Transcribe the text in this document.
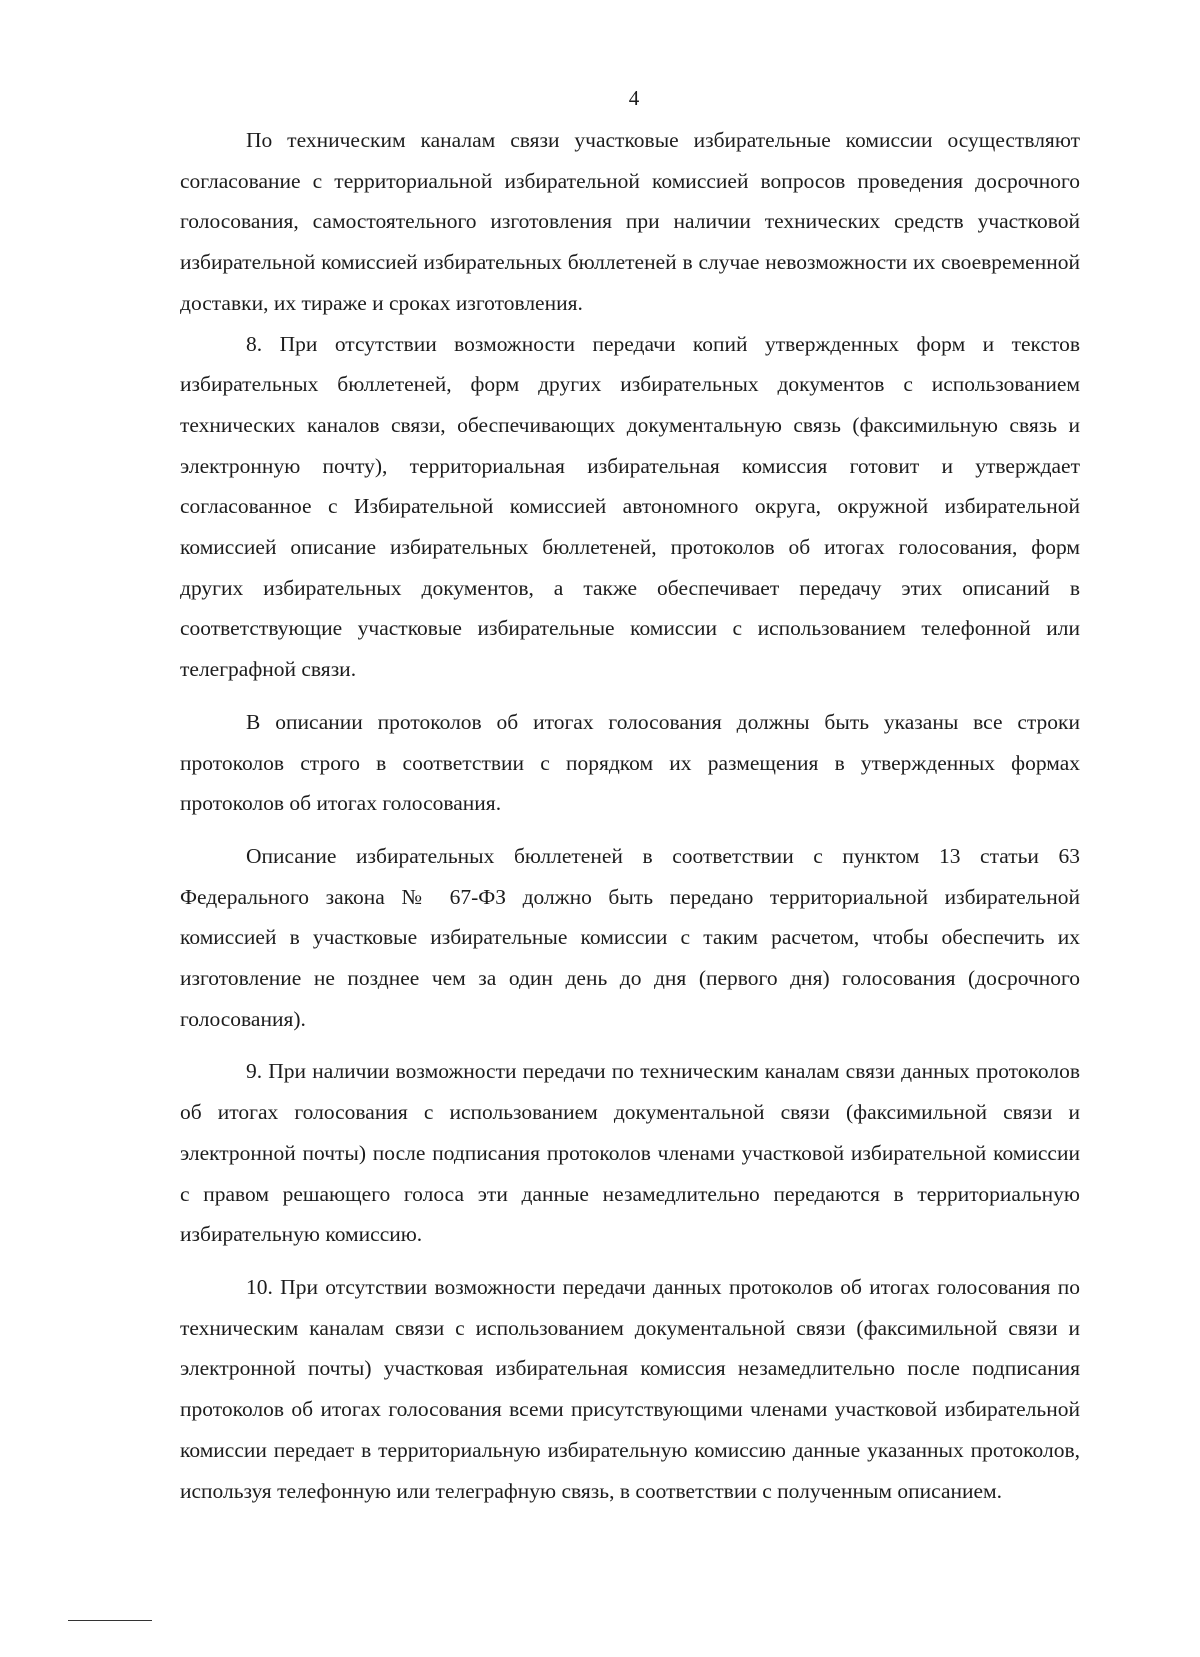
4

По техническим каналам связи участковые избирательные комиссии осуществляют согласование с территориальной избирательной комиссией вопросов проведения досрочного голосования, самостоятельного изготовления при наличии технических средств участковой избирательной комиссией избирательных бюллетеней в случае невозможности их своевременной доставки, их тираже и сроках изготовления.

8. При отсутствии возможности передачи копий утвержденных форм и текстов избирательных бюллетеней, форм других избирательных документов с использованием технических каналов связи, обеспечивающих документальную связь (факсимильную связь и электронную почту), территориальная избирательная комиссия готовит и утверждает согласованное с Избирательной комиссией автономного округа, окружной избирательной комиссией описание избирательных бюллетеней, протоколов об итогах голосования, форм других избирательных документов, а также обеспечивает передачу этих описаний в соответствующие участковые избирательные комиссии с использованием телефонной или телеграфной связи.

В описании протоколов об итогах голосования должны быть указаны все строки протоколов строго в соответствии с порядком их размещения в утвержденных формах протоколов об итогах голосования.

Описание избирательных бюллетеней в соответствии с пунктом 13 статьи 63 Федерального закона № 67-ФЗ должно быть передано территориальной избирательной комиссией в участковые избирательные комиссии с таким расчетом, чтобы обеспечить их изготовление не позднее чем за один день до дня (первого дня) голосования (досрочного голосования).

9. При наличии возможности передачи по техническим каналам связи данных протоколов об итогах голосования с использованием документальной связи (факсимильной связи и электронной почты) после подписания протоколов членами участковой избирательной комиссии с правом решающего голоса эти данные незамедлительно передаются в территориальную избирательную комиссию.

10. При отсутствии возможности передачи данных протоколов об итогах голосования по техническим каналам связи с использованием документальной связи (факсимильной связи и электронной почты) участковая избирательная комиссия незамедлительно после подписания протоколов об итогах голосования всеми присутствующими членами участковой избирательной комиссии передает в территориальную избирательную комиссию данные указанных протоколов, используя телефонную или телеграфную связь, в соответствии с полученным описанием.
